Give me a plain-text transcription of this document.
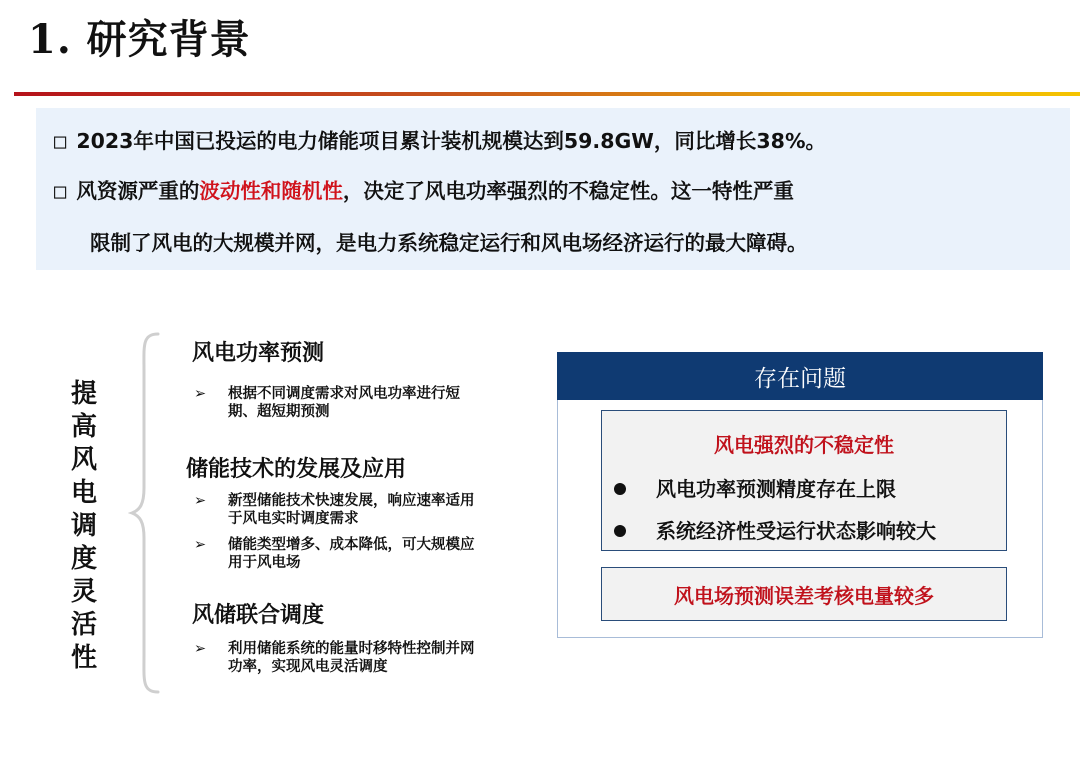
1. 研究背景
□ 2023年中国已投运的电力储能项目累计装机规模达到59.8GW，同比增长38%。
□ 风资源严重的波动性和随机性，决定了风电功率强烈的不稳定性。这一特性严重
限制了风电的大规模并网，是电力系统稳定运行和风电场经济运行的最大障碍。
提高风电调度灵活性
风电功率预测
➢ 根据不同调度需求对风电功率进行短期、超短期预测
储能技术的发展及应用
➢ 新型储能技术快速发展，响应速率适用于风电实时调度需求
➢ 储能类型增多、成本降低，可大规模应用于风电场
风储联合调度
➢ 利用储能系统的能量时移特性控制并网功率，实现风电灵活调度
存在问题
风电强烈的不稳定性
风电功率预测精度存在上限
系统经济性受运行状态影响较大
风电场预测误差考核电量较多
